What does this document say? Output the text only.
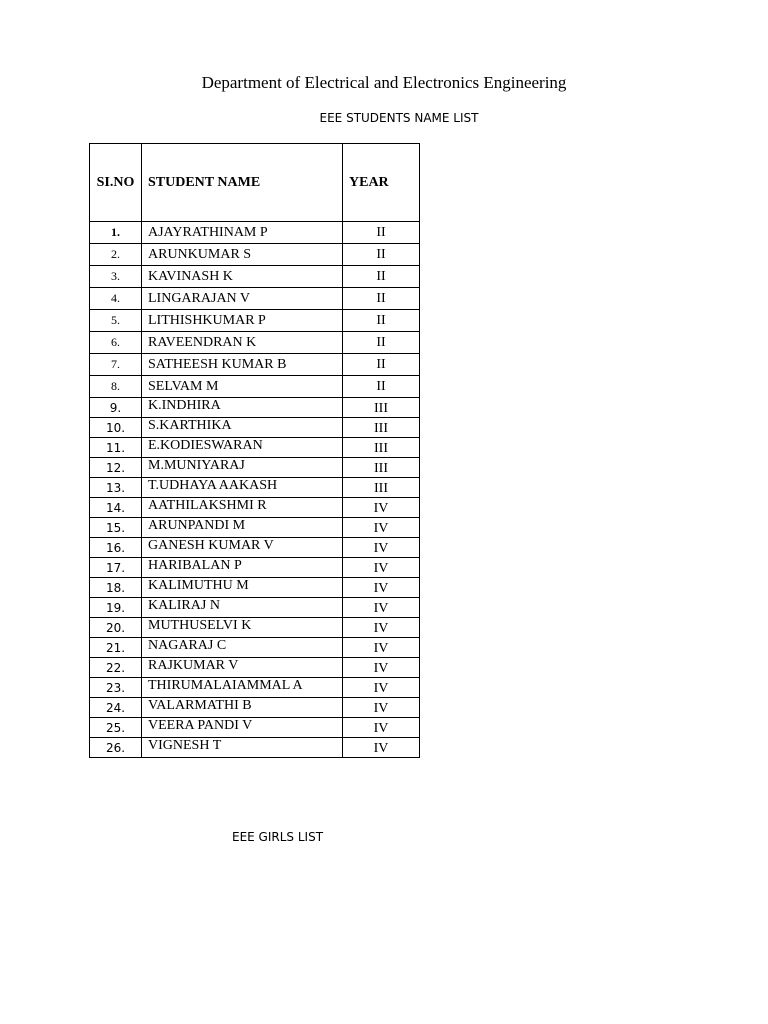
Department of Electrical and Electronics Engineering
EEE STUDENTS NAME LIST
SI.NO	STUDENT NAME	YEAR
1.	AJAYRATHINAM P	II
2.	ARUNKUMAR S	II
3.	KAVINASH K	II
4.	LINGARAJAN V	II
5.	LITHISHKUMAR P	II
6.	RAVEENDRAN K	II
7.	SATHEESH KUMAR B	II
8.	SELVAM M	II
9.	K.INDHIRA	III
10.	S.KARTHIKA	III
11.	E.KODIESWARAN	III
12.	M.MUNIYARAJ	III
13.	T.UDHAYA AAKASH	III
14.	AATHILAKSHMI R	IV
15.	ARUNPANDI M	IV
16.	GANESH KUMAR V	IV
17.	HARIBALAN P	IV
18.	KALIMUTHU M	IV
19.	KALIRAJ N	IV
20.	MUTHUSELVI K	IV
21.	NAGARAJ C	IV
22.	RAJKUMAR V	IV
23.	THIRUMALAIAMMAL A	IV
24.	VALARMATHI B	IV
25.	VEERA PANDI V	IV
26.	VIGNESH T	IV
EEE GIRLS LIST
